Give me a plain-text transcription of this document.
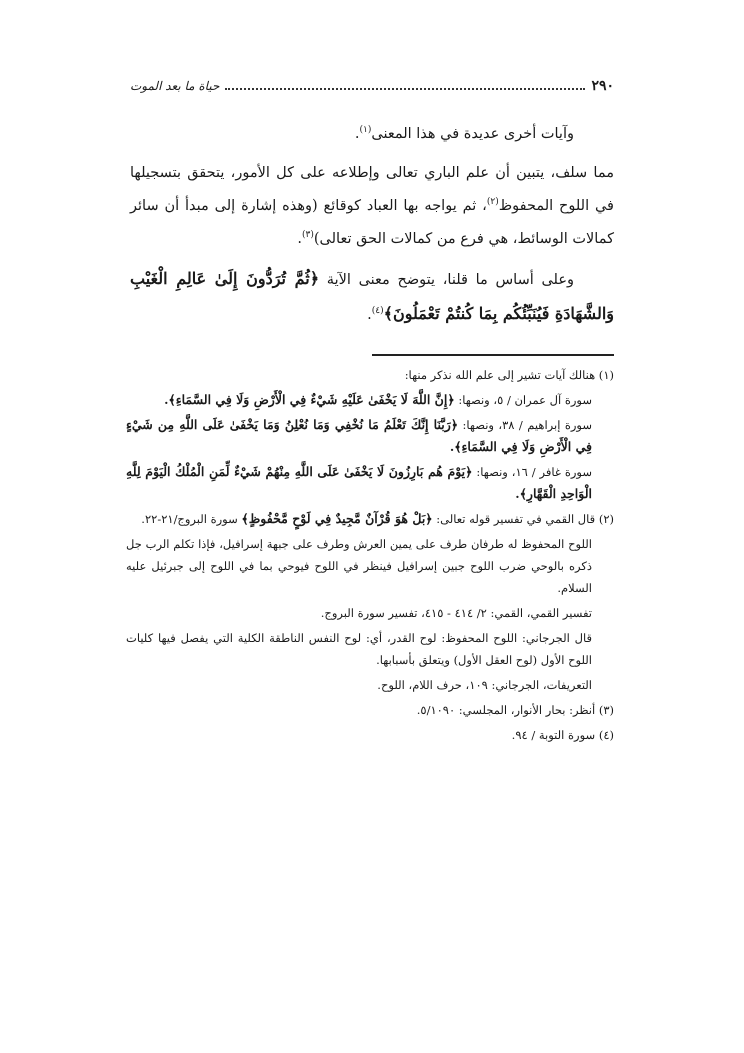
٢٩٠
حياة ما بعد الموت

وآيات أخرى عديدة في هذا المعنى$^{(١)}$.

مما سلف، يتبين أن علم الباري تعالى وإطلاعه على كل الأمور، يتحقق بتسجيلها في اللوح المحفوظ$^{(٢)}$، ثم يواجه بها العباد كوقائع (وهذه إشارة إلى مبدأ أن سائر كمالات الوسائط، هي فرع من كمالات الحق تعالى)$^{(٣)}$.

وعلى أساس ما قلنا، يتوضح معنى الآية ﴿ثُمَّ تُرَدُّونَ إِلَىٰ عَالِمِ الْغَيْبِ وَالشَّهَادَةِ فَيُنَبِّئُكُم بِمَا كُنتُمْ تَعْمَلُونَ﴾$^{(٤)}$.

(١) هنالك آيات تشير إلى علم الله نذكر منها:

سورة آل عمران / ٥، ونصها: ﴿إِنَّ اللَّهَ لَا يَخْفَىٰ عَلَيْهِ شَيْءٌ فِي الْأَرْضِ وَلَا فِي السَّمَاءِ﴾.

سورة إبراهيم / ٣٨، ونصها: ﴿رَبَّنَا إِنَّكَ تَعْلَمُ مَا نُخْفِي وَمَا نُعْلِنُ وَمَا يَخْفَىٰ عَلَى اللَّهِ مِن شَيْءٍ فِي الْأَرْضِ وَلَا فِي السَّمَاءِ﴾.

سورة غافر / ١٦، ونصها: ﴿يَوْمَ هُم بَارِزُونَ لَا يَخْفَىٰ عَلَى اللَّهِ مِنْهُمْ شَيْءٌ لِّمَنِ الْمُلْكُ الْيَوْمَ لِلَّهِ الْوَاحِدِ الْقَهَّارِ﴾.

(٢) قال القمي في تفسير قوله تعالى: ﴿بَلْ هُوَ قُرْآنٌ مَّجِيدٌ فِي لَوْحٍ مَّحْفُوظٍ﴾ سورة البروج/٢١-٢٢.

اللوح المحفوظ له طرفان طرف على يمين العرش وطرف على جبهة إسرافيل، فإذا تكلم الرب جل ذكره بالوحي ضرب اللوح جبين إسرافيل فينظر في اللوح فيوحي بما في اللوح إلى جبرئيل عليه السلام.

تفسير القمي، القمي: ٢/ ٤١٤ - ٤١٥، تفسير سورة البروج.

قال الجرجاني: اللوح المحفوظ: لوح القدر، أي: لوح النفس الناطقة الكلية التي يفصل فيها كليات اللوح الأول (لوح العقل الأول) ويتعلق بأسبابها.

التعريفات، الجرجاني: ١٠٩، حرف اللام، اللوح.

(٣) أنظر: بحار الأنوار، المجلسي: ٥/١٠٩٠.

(٤) سورة التوبة / ٩٤.
